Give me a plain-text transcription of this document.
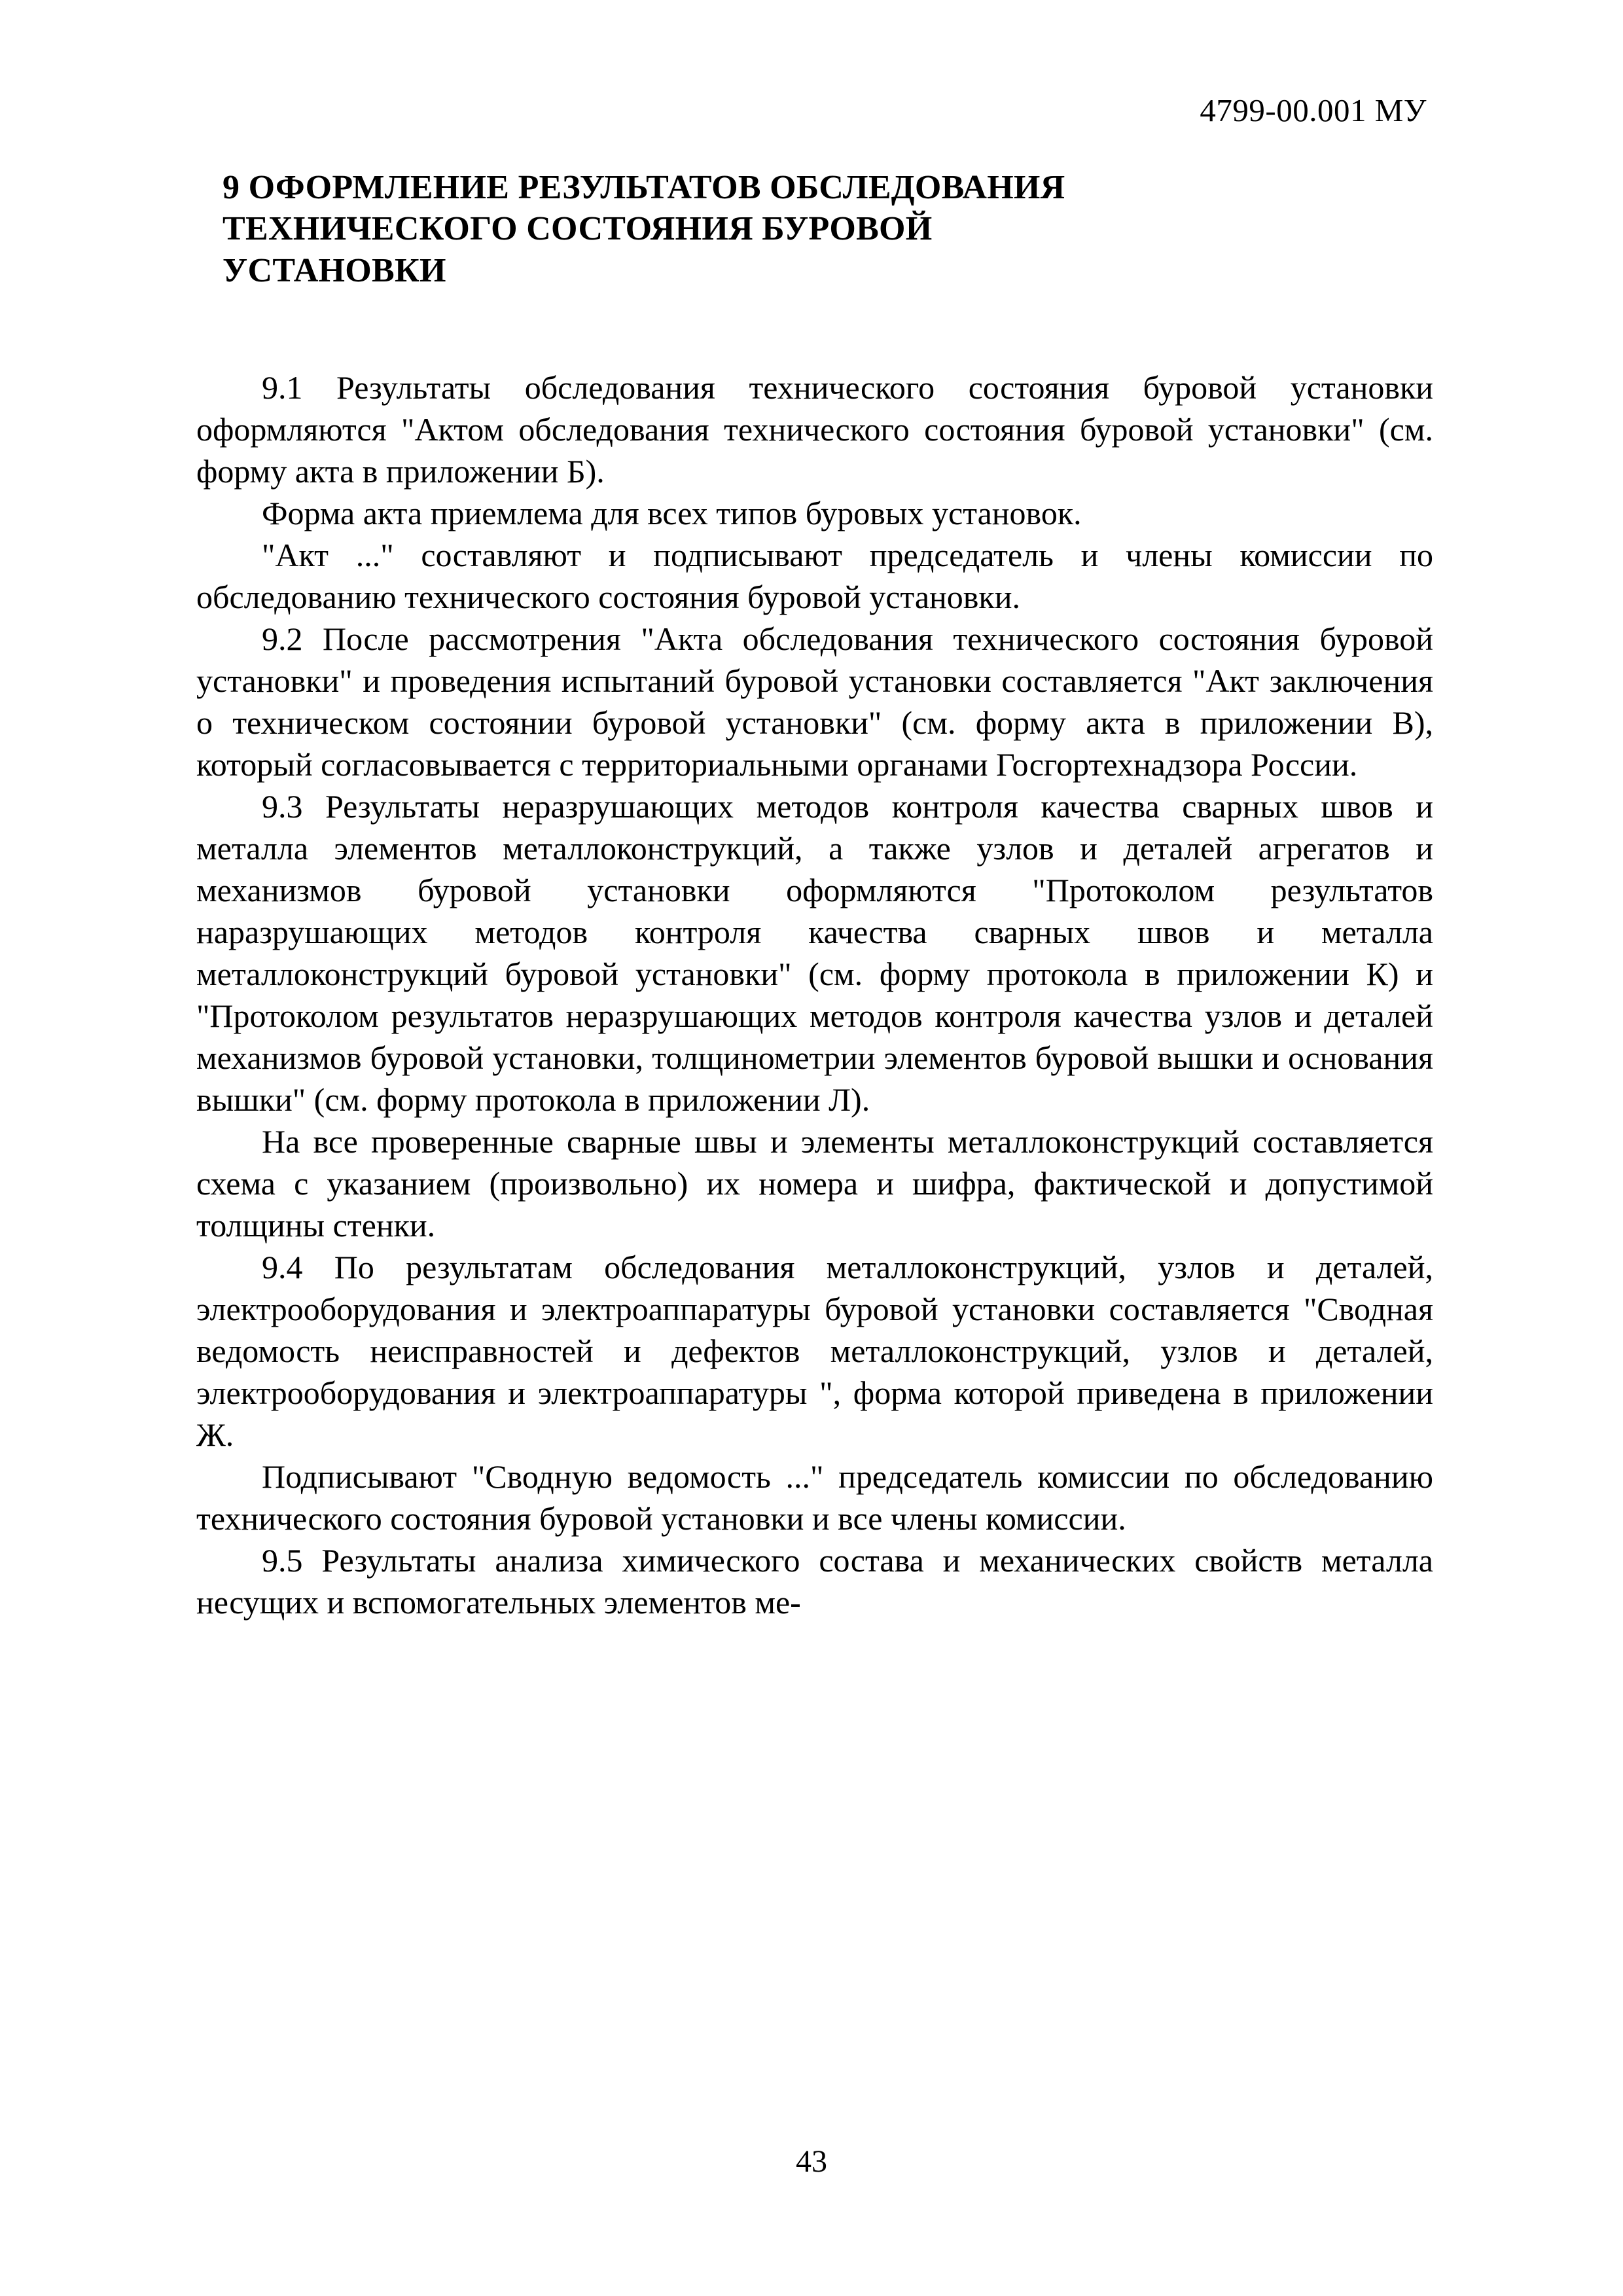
4799-00.001 МУ
9 ОФОРМЛЕНИЕ РЕЗУЛЬТАТОВ ОБСЛЕДОВАНИЯ
ТЕХНИЧЕСКОГО СОСТОЯНИЯ БУРОВОЙ
УСТАНОВКИ

9.1 Результаты обследования технического состояния буровой установки оформляются "Актом обследования технического состояния буровой установки" (см. форму акта в приложении Б).

Форма акта приемлема для всех типов буровых установок.

"Акт ..." составляют и подписывают председатель и члены комиссии по обследованию технического состояния буровой установки.

9.2 После рассмотрения "Акта обследования технического состояния буровой установки" и проведения испытаний буровой установки составляется "Акт заключения о техническом состоянии буровой установки" (см. форму акта в приложении В), который согласовывается с территориальными органами Госгортехнадзора России.

9.3 Результаты неразрушающих методов контроля качества сварных швов и металла элементов металлоконструкций, а также узлов и деталей агрегатов и механизмов буровой установки оформляются "Протоколом результатов наразрушающих методов контроля качества сварных швов и металла металлоконструкций буровой установки" (см. форму протокола в приложении К) и "Протоколом результатов неразрушающих методов контроля качества узлов и деталей механизмов буровой установки, толщинометрии элементов буровой вышки и основания вышки" (см. форму протокола в приложении Л).

На все проверенные сварные швы и элементы металлоконструкций составляется схема с указанием (произвольно) их номера и шифра, фактической и допустимой толщины стенки.

9.4 По результатам обследования металлоконструкций, узлов и деталей, электрооборудования и электроаппаратуры буровой установки составляется "Сводная ведомость неисправностей и дефектов металлоконструкций, узлов и деталей, электрооборудования и электроаппаратуры ", форма которой приведена в приложении Ж.

Подписывают "Сводную ведомость ..." председатель комиссии по обследованию технического состояния буровой установки и все члены комиссии.

9.5 Результаты анализа химического состава и механических свойств металла несущих и вспомогательных элементов ме-

43
